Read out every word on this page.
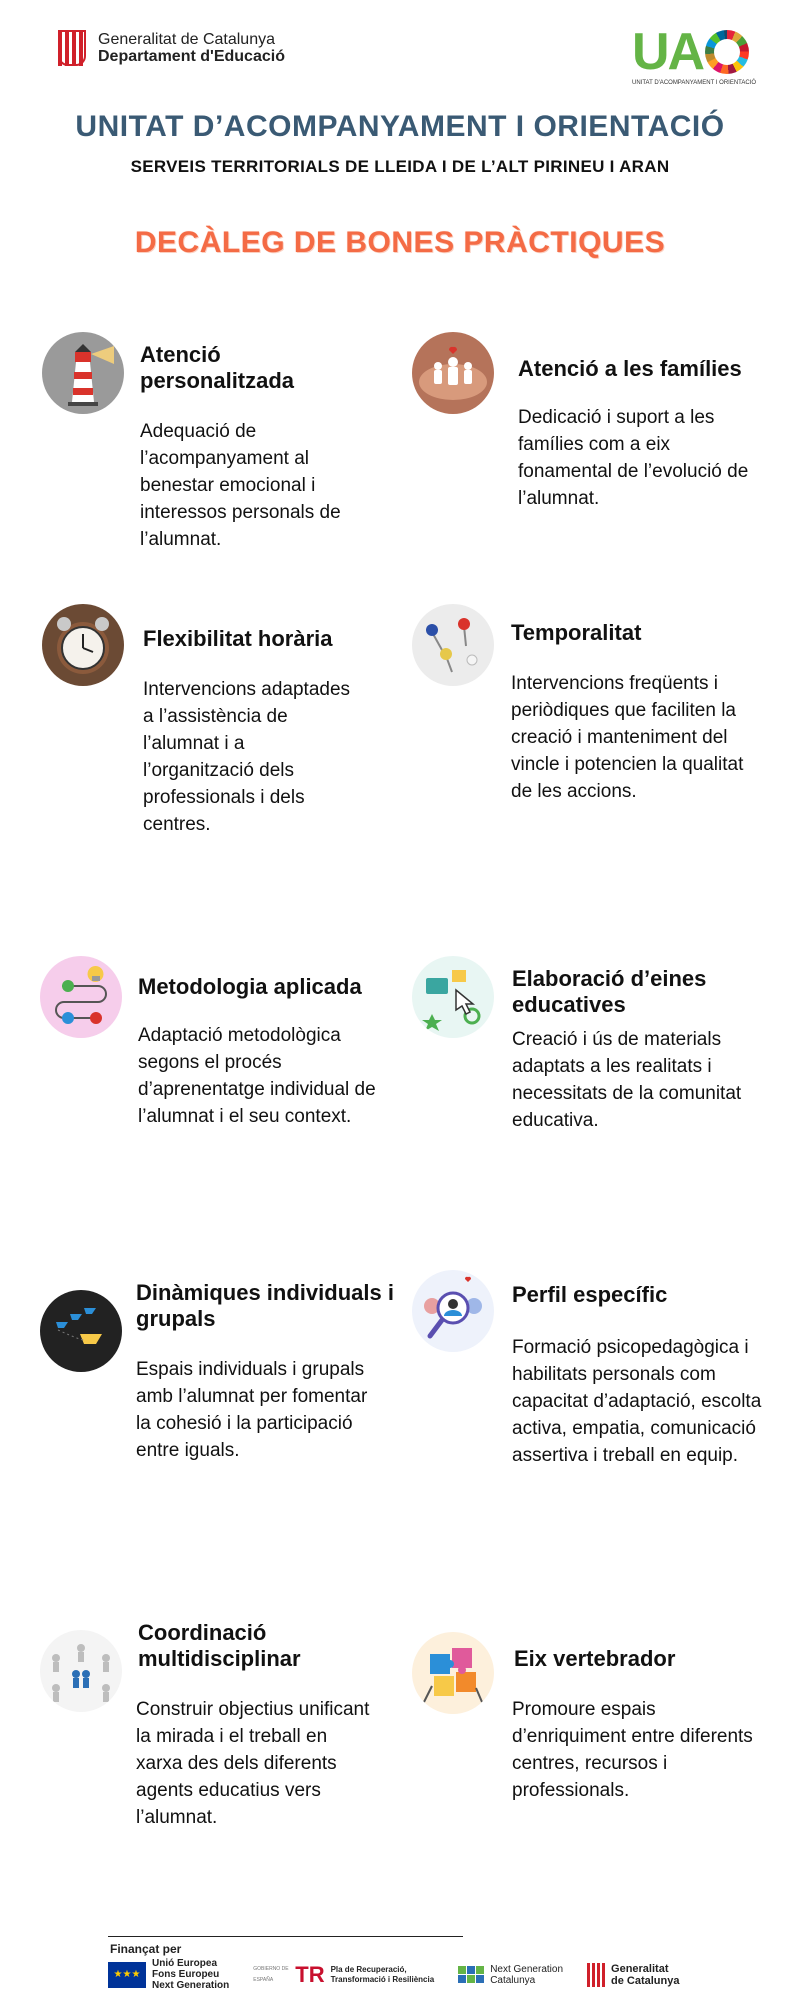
Generalitat de Catalunya
Departament d'Educació	UA
UNITAT D'ACOMPANYAMENT I ORIENTACIÓ
UNITAT D’ACOMPANYAMENT I ORIENTACIÓ
SERVEIS TERRITORIALS DE LLEIDA I DE L’ALT PIRINEU I ARAN
DECÀLEG DE BONES PRÀCTIQUES
Atenció personalitzada
Adequació de l’acompanyament al benestar emocional i interessos personals de l’alumnat.
Atenció a les famílies
Dedicació i suport a les famílies com a eix fonamental de l’evolució de l’alumnat.
Flexibilitat horària
Intervencions adaptades a l’assistència de l’alumnat i a l’organització dels professionals i dels centres.
Temporalitat
Intervencions freqüents i periòdiques que faciliten la creació i manteniment del vincle i potencien la qualitat de les accions.
Metodologia aplicada
Adaptació metodològica segons el procés d’aprenentatge individual de l’alumnat i el seu context.
Elaboració d’eines educatives
Creació i ús de materials adaptats a les realitats i necessitats de la comunitat educativa.
Dinàmiques individuals i grupals
Espais individuals i grupals amb l’alumnat per fomentar la cohesió i la participació entre iguals.
Perfil específic
Formació psicopedagògica i habilitats personals com capacitat d’adaptació, escolta activa, empatia, comunicació assertiva i treball en equip.
Coordinació multidisciplinar
Construir objectius unificant la mirada i el treball en xarxa des dels diferents agents educatius vers l’alumnat.
Eix vertebrador
Promoure espais d’enriquiment entre diferents centres, recursos i professionals.
Finançat per
★★★
Unió Europea
Fons Europeu
Next Generation
GOBIERNO DE ESPAÑA	TR Pla de Recuperació,
Transformació i Resiliència
Next Generation
Catalunya
Generalitat
de Catalunya
